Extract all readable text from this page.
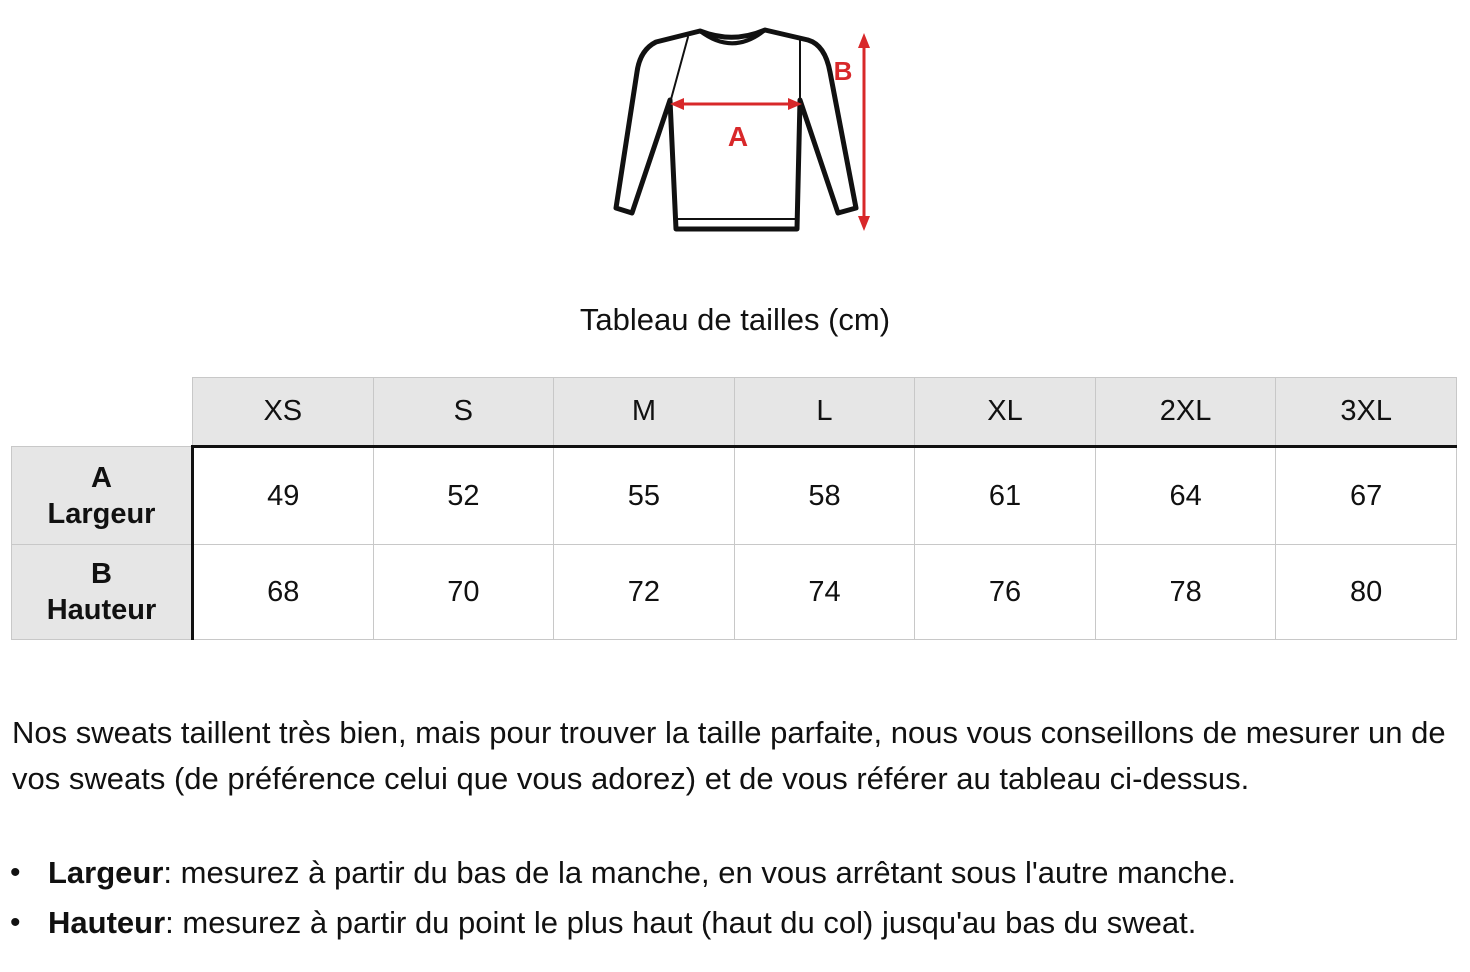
A
B
Tableau de tailles (cm)
	XS	S	M	L	XL	2XL	3XL

A
Largeur	49	52	55	58	61	64	67

B
Hauteur	68	70	72	74	76	78	80

Nos sweats taillent très bien, mais pour trouver la taille parfaite, nous vous conseillons de mesurer un de vos sweats (de préférence celui que vous adorez) et de vous référer au tableau ci-dessus.

• Largeur: mesurez à partir du bas de la manche, en vous arrêtant sous l'autre manche.
• Hauteur: mesurez à partir du point le plus haut (haut du col) jusqu'au bas du sweat.
